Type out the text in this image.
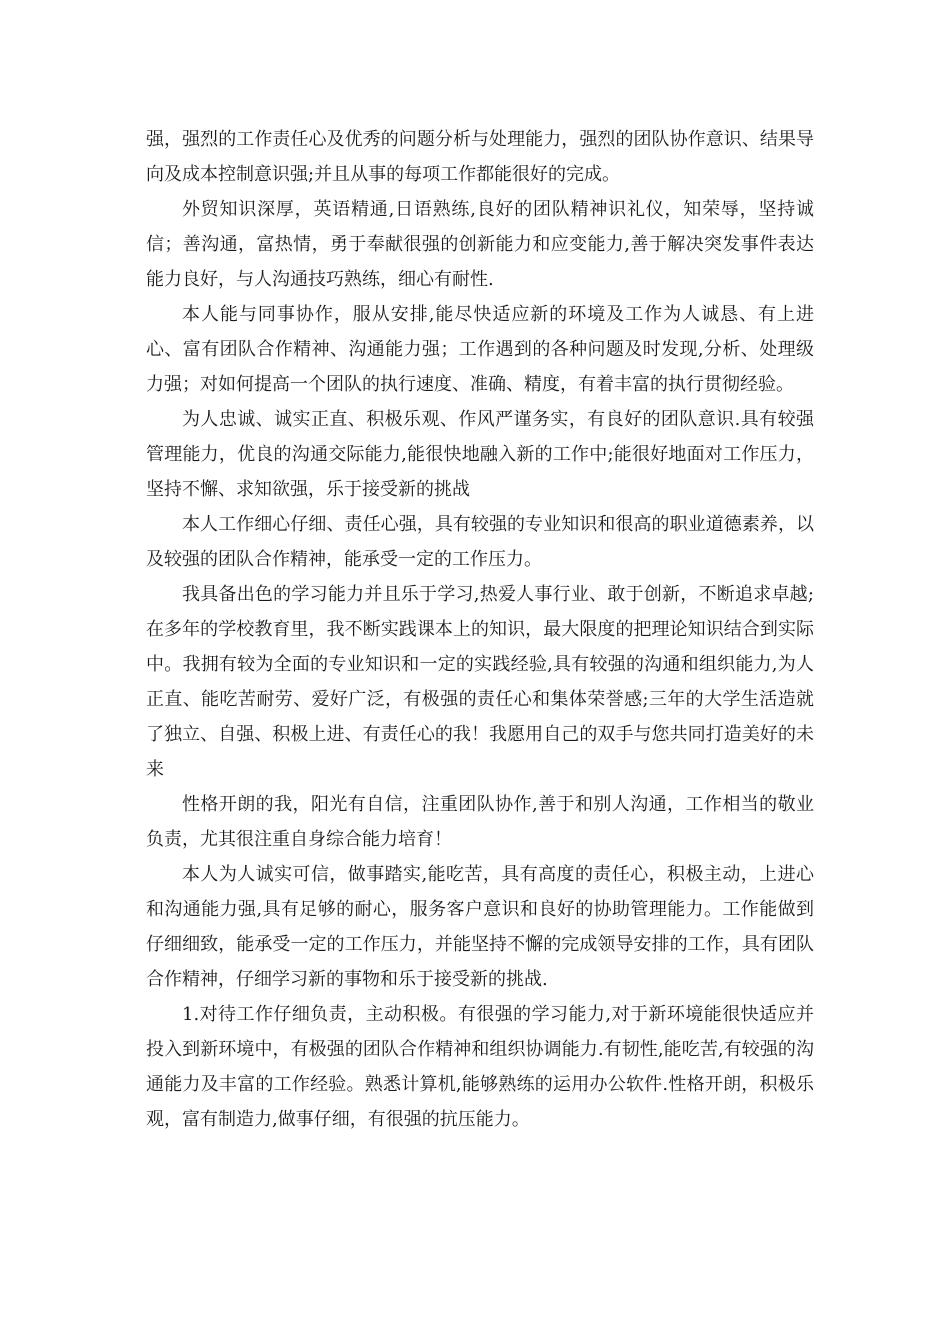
强，强烈的工作责任心及优秀的问题分析与处理能力，强烈的团队协作意识、结果导向及成本控制意识强;并且从事的每项工作都能很好的完成。

外贸知识深厚，英语精通,日语熟练,良好的团队精神识礼仪，知荣辱，坚持诚信；善沟通，富热情，勇于奉献很强的创新能力和应变能力,善于解决突发事件表达能力良好，与人沟通技巧熟练，细心有耐性.

本人能与同事协作，服从安排,能尽快适应新的环境及工作为人诚恳、有上进心、富有团队合作精神、沟通能力强；工作遇到的各种问题及时发现,分析、处理级力强；对如何提高一个团队的执行速度、准确、精度，有着丰富的执行贯彻经验。

为人忠诚、诚实正直、积极乐观、作风严谨务实，有良好的团队意识.具有较强管理能力，优良的沟通交际能力,能很快地融入新的工作中;能很好地面对工作压力，坚持不懈、求知欲强，乐于接受新的挑战

本人工作细心仔细、责任心强，具有较强的专业知识和很高的职业道德素养，以及较强的团队合作精神，能承受一定的工作压力。

我具备出色的学习能力并且乐于学习,热爱人事行业、敢于创新，不断追求卓越;在多年的学校教育里，我不断实践课本上的知识，最大限度的把理论知识结合到实际中。我拥有较为全面的专业知识和一定的实践经验,具有较强的沟通和组织能力,为人正直、能吃苦耐劳、爱好广泛，有极强的责任心和集体荣誉感;三年的大学生活造就了独立、自强、积极上进、有责任心的我！我愿用自己的双手与您共同打造美好的未来

性格开朗的我，阳光有自信，注重团队协作,善于和别人沟通，工作相当的敬业负责，尤其很注重自身综合能力培育！

本人为人诚实可信，做事踏实,能吃苦，具有高度的责任心，积极主动，上进心和沟通能力强,具有足够的耐心，服务客户意识和良好的协助管理能力。工作能做到仔细细致，能承受一定的工作压力，并能坚持不懈的完成领导安排的工作，具有团队合作精神，仔细学习新的事物和乐于接受新的挑战.

1.对待工作仔细负责，主动积极。有很强的学习能力,对于新环境能很快适应并投入到新环境中，有极强的团队合作精神和组织协调能力.有韧性,能吃苦,有较强的沟通能力及丰富的工作经验。熟悉计算机,能够熟练的运用办公软件.性格开朗，积极乐观，富有制造力,做事仔细，有很强的抗压能力。
